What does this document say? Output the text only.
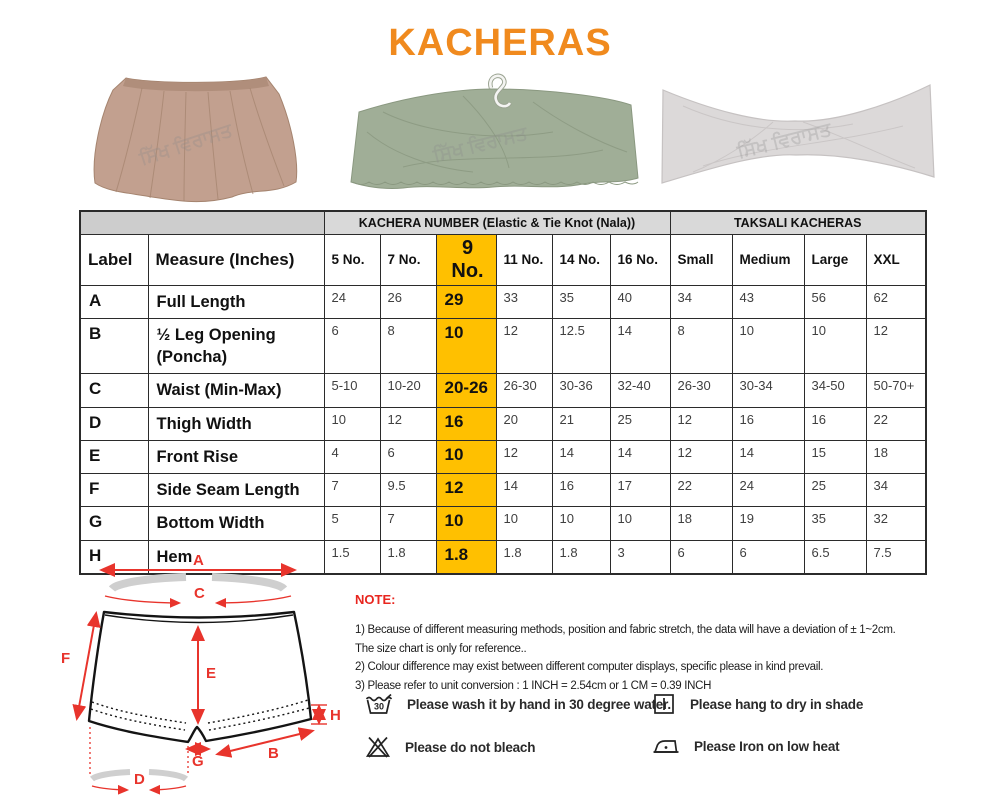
KACHERAS
ਸਿੱਖ ਵਿਰਾਸਤ	ਸਿੱਖ ਵਿਰਾਸਤ	ਸਿੱਖ ਵਿਰਾਸਤ
		KACHERA NUMBER (Elastic & Tie Knot (Nala))						TAKSALI KACHERAS			
Label	Measure (Inches)	5 No.	7 No.	9 No.	11 No.	14 No.	16 No.	Small	Medium	Large	XXL
A	Full Length	24	26	29	33	35	40	34	43	56	62
B	½ Leg Opening (Poncha)	6	8	10	12	12.5	14	8	10	10	12
C	Waist (Min-Max)	5-10	10-20	20-26	26-30	30-36	32-40	26-30	30-34	34-50	50-70+
D	Thigh Width	10	12	16	20	21	25	12	16	16	22
E	Front Rise	4	6	10	12	14	14	12	14	15	18
F	Side Seam Length	7	9.5	12	14	16	17	22	24	25	34
G	Bottom Width	5	7	10	10	10	10	18	19	35	32
H	Hem	1.5	1.8	1.8	1.8	1.8	3	6	6	6.5	7.5
A
C
E
F
H
B
G
D
NOTE:
1) Because of different measuring methods, position and fabric stretch, the data will have a deviation of ± 1~2cm.
The size chart is only for reference..
2) Colour difference may exist between different computer displays, specific please in kind prevail.
3) Please refer to unit conversion : 1 INCH = 2.54cm or 1 CM = 0.39 INCH
30 Please wash it by hand in 30 degree water. Please hang to dry in shade
Please do not bleach	Please Iron on low heat
